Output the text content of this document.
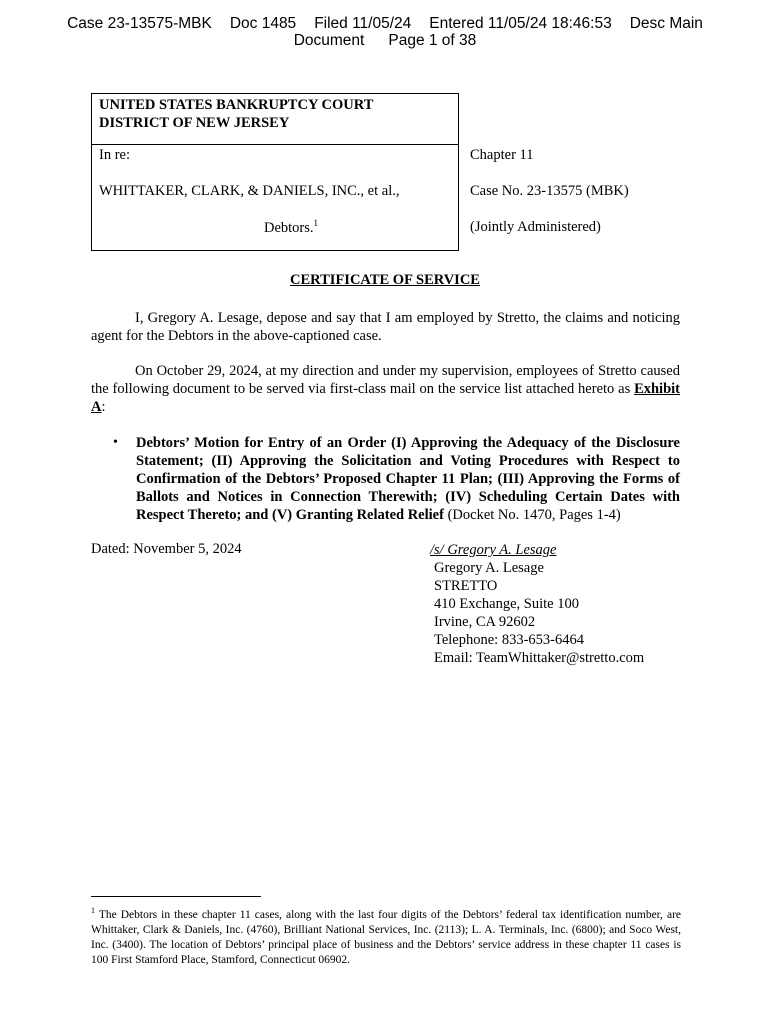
Case 23-13575-MBK Doc 1485 Filed 11/05/24 Entered 11/05/24 18:46:53 Desc Main
Document Page 1 of 38
UNITED STATES BANKRUPTCY COURT
DISTRICT OF NEW JERSEY
In re:
WHITTAKER, CLARK, & DANIELS, INC., et al.,
Debtors.$^1$
Chapter 11
Case No. 23-13575 (MBK)
(Jointly Administered)
CERTIFICATE OF SERVICE

I, Gregory A. Lesage, depose and say that I am employed by Stretto, the claims and noticing agent for the Debtors in the above-captioned case.

On October 29, 2024, at my direction and under my supervision, employees of Stretto caused the following document to be served via first-class mail on the service list attached hereto as Exhibit A:

• Debtors’ Motion for Entry of an Order (I) Approving the Adequacy of the Disclosure Statement; (II) Approving the Solicitation and Voting Procedures with Respect to Confirmation of the Debtors’ Proposed Chapter 11 Plan; (III) Approving the Forms of Ballots and Notices in Connection Therewith; (IV) Scheduling Certain Dates with Respect Thereto; and (V) Granting Related Relief (Docket No. 1470, Pages 1-4)
Dated: November 5, 2024	/s/ Gregory A. Lesage
Gregory A. Lesage
STRETTO
410 Exchange, Suite 100
Irvine, CA 92602
Telephone: 833-653-6464
Email: TeamWhittaker@stretto.com
$^1$ The Debtors in these chapter 11 cases, along with the last four digits of the Debtors’ federal tax identification number, are Whittaker, Clark & Daniels, Inc. (4760), Brilliant National Services, Inc. (2113); L. A. Terminals, Inc. (6800); and Soco West, Inc. (3400). The location of Debtors’ principal place of business and the Debtors’ service address in these chapter 11 cases is 100 First Stamford Place, Stamford, Connecticut 06902.
